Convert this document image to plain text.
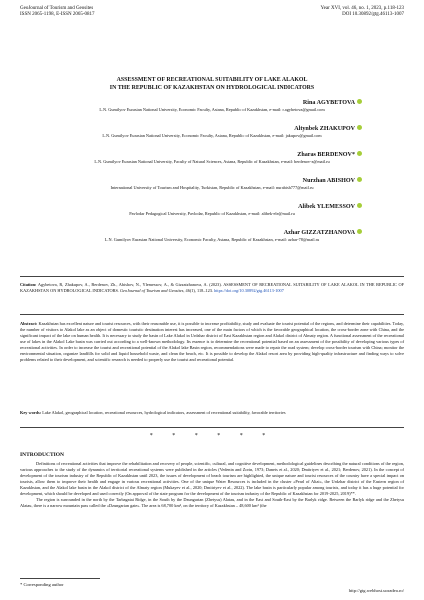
GeoJournal of Tourism and Geosites
ISSN 2065-1198, E-ISSN 2065-0817
Year XVI, vol. 46, no. 1, 2023, p.118-123
DOI 10.30892/gtg.46113-1007
ASSESSMENT OF RECREATIONAL SUITABILITY OF LAKE ALAKOL
IN THE REPUBLIC OF KAZAKHSTAN ON HYDROLOGICAL INDICATORS
Rina AGYBETOVA
L.N. Gumilyov Eurasian National University, Economic Faculty, Astana, Republic of Kazakhstan, e-mail: r.agybetova@gmail.com
Altynbek ZHAKUPOV
L.N. Gumilyov Eurasian National University, Economic Faculty, Astana, Republic of Kazakhstan, e-mail: jakupov@gmail.com
Zharas BERDENOV*
L.N. Gumilyov Eurasian National University, Faculty of Natural Sciences, Astana, Republic of Kazakhstan, e-mail: berdenov-z@mail.ru
Nurzhan ABISHOV
International University of Tourism and Hospitality, Turkistan, Republic of Kazakhstan, e-mail: nurabish777@mail.ru
Alibek YLEMESSOV
Pavlodar Pedagogical University, Pavlodar, Republic of Kazakhstan, e-mail: alibek-ele@mail.ru
Azhar GIZZATZHANOVA
L.N. Gumilyov Eurasian National University, Economic Faculty, Astana, Republic of Kazakhstan, e-mail: azhar-78@mail.ru
Citation: Agybetova, R, Zhakupov, A., Berdenov, Zh., Abishov, N., Ylemessov, A., & Gizzatzhanova, A. (2023). ASSESSMENT OF RECREATIONAL SUITABILITY OF LAKE ALAKOL IN THE REPUBLIC OF KAZAKHSTAN ON HYDROLOGICAL INDICATORS. GeoJournal of Tourism and Geosites, 46(1), 118–123. https://doi.org/10.30892/gtg.46113-1007
Abstract: Kazakhstan has excellent nature and tourist resources, with their reasonable use, it is possible to increase profitability, study and evaluate the tourist potential of the regions, and determine their capabilities. Today, the number of visitors to Alakol lake as an object of domestic touristic destination interest has increased, one of the main factors of which is the favorable geographical location, the cross-border zone with China, and the significant impact of the lake on human health. It is necessary to study the basin of Lake Alakol in Urdzhar district of East Kazakhstan region and Alakol district of Almaty region. A functional assessment of the recreational use of lakes in the Alakol Lake basin was carried out according to a well-known methodology. Its essence is to determine the recreational potential based on an assessment of the possibility of developing various types of recreational activities. In order to increase the tourist and recreational potential of the Alakol lake Basin region, recommendations were made to repair the road system; develop cross-border tourism with China; monitor the environmental situation, organize landfills for solid and liquid household waste, and clean the beach, etc. It is possible to develop the Alakol resort area by providing high-quality infrastructure and finding ways to solve problems related to their development, and scientific research is needed to properly use the tourist and recreational potential.
Key words: Lake Alakol, geographical location, recreational resources, hydrological indicators, assessment of recreational suitability, favorable territories
* * * * * *
INTRODUCTION

Definitions of recreational activities that improve the rehabilitation and recovery of people, scientific, cultural, and cognitive development, methodological guidelines describing the natural conditions of the region, various approaches to the study of the dynamics of territorial recreational systems were published in the articles (Vedenin and Zorin, 1973; Danets et al., 2020; Dmitriyev et al., 2021; Berdenov, 2021). In the concept of development of the tourism industry of the Republic of Kazakhstan until 2023, the issues of development of beach tourism are highlighted, the unique nature and tourist resources of the country have a special impact on tourists, allow them to improve their health and engage in various recreational activities. One of the unique Water Resources is included in the cluster «Pearl of Altai», the Urdzhar district of the Eastern region of Kazakhstan, and the Alakol lake basin in the Alakol district of the Almaty region (Mukayev et al., 2020; Dmitriyev et al., 2022). The lake basin is particularly popular among tourists, and today it has a huge potential for development, which should be developed and used correctly (On approval of the state program for the development of the tourism industry of the Republic of Kazakhstan for 2019-2025, 2019)**.

The region is surrounded in the north by the Tarbagatai Ridge, in the South by the Dzungarian (Zhetysu) Alatau, and in the East and South-East by the Barlyk ridge. Between the Barlyk ridge and the Zhetysu Alatau, there is a narrow mountain pass called the «Dzungarian gate». The area is 68,700 km², on the territory of Kazakhstan – 48,600 km² (the

* Corresponding author
http://gtg.webhost.uoradea.ro/
